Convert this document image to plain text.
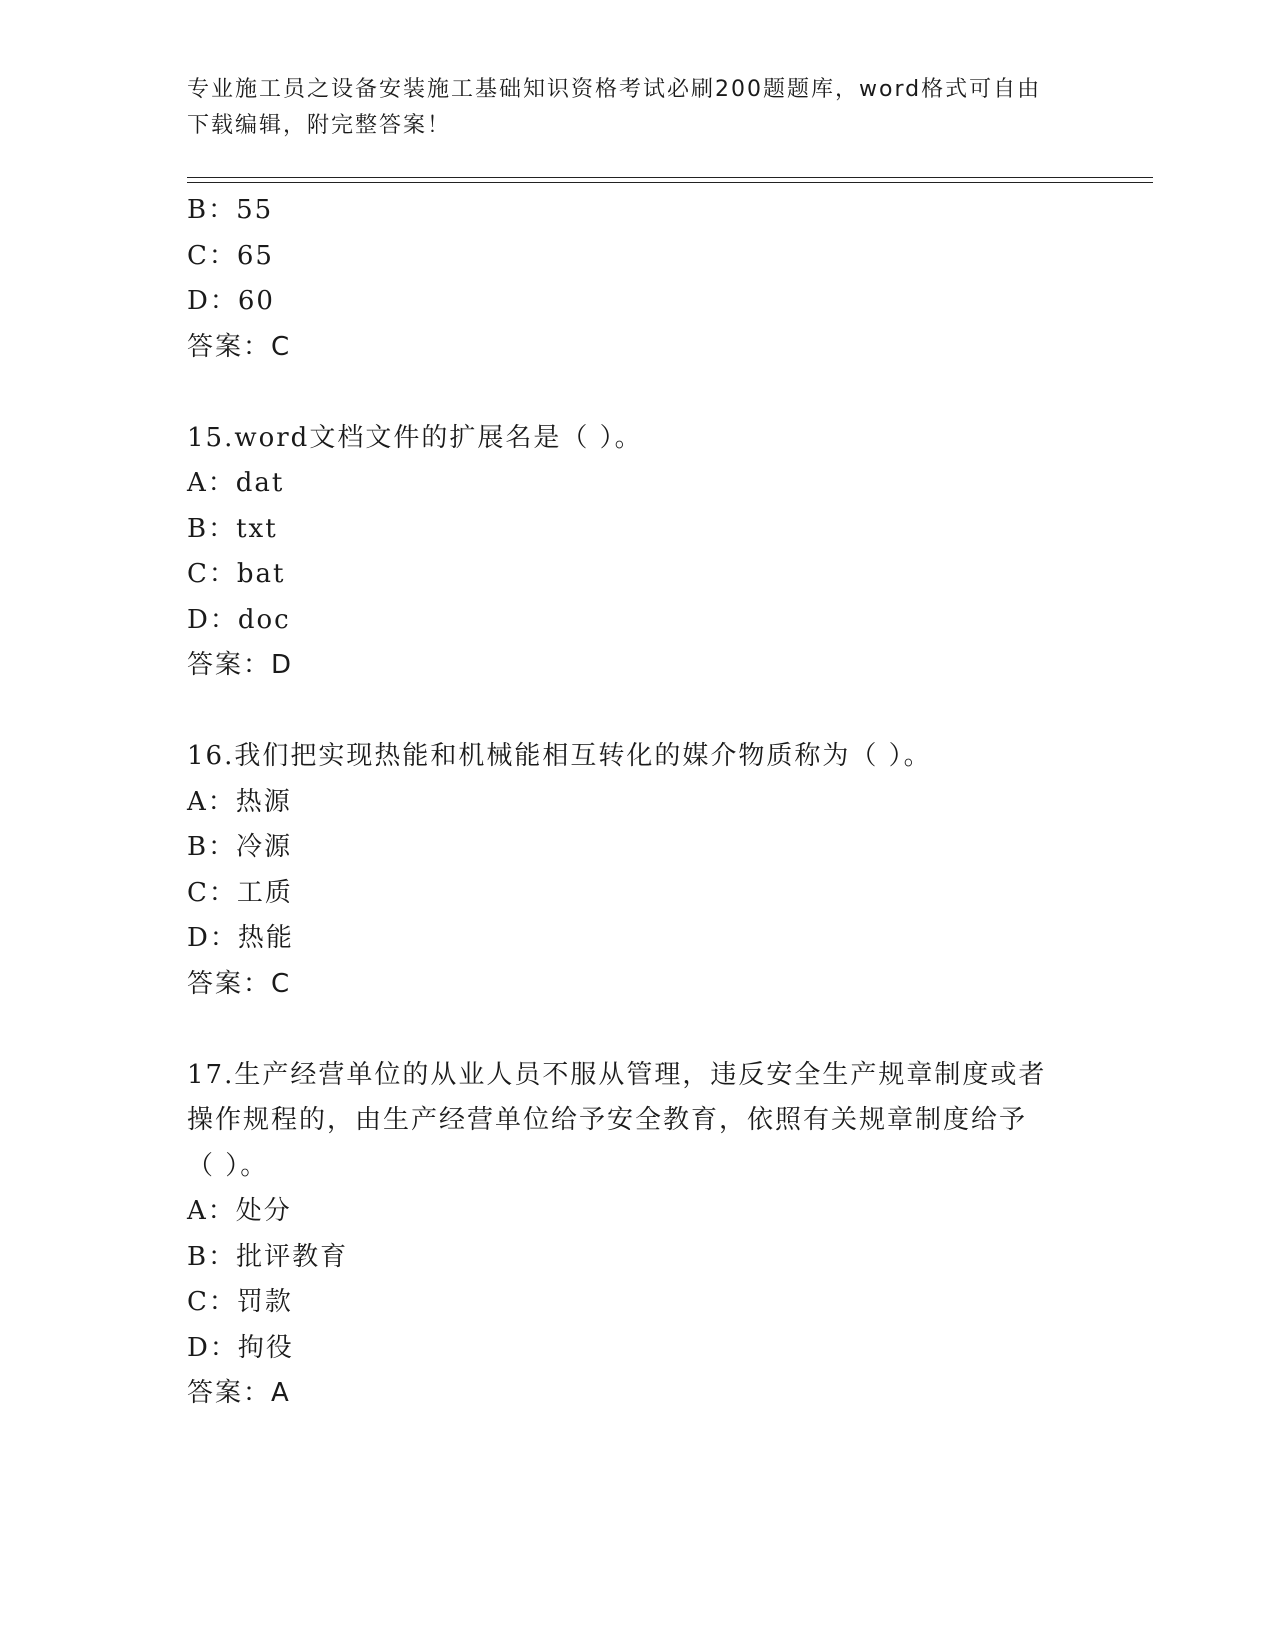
专业施工员之设备安装施工基础知识资格考试必刷200题题库，word格式可自由
下载编辑，附完整答案！
B：55
C：65
D：60
答案：C
15.word文档文件的扩展名是（ ）。
A：dat
B：txt
C：bat
D：doc
答案：D
16.我们把实现热能和机械能相互转化的媒介物质称为（ ）。
A：热源
B：冷源
C：工质
D：热能
答案：C
17.生产经营单位的从业人员不服从管理，违反安全生产规章制度或者
操作规程的，由生产经营单位给予安全教育，依照有关规章制度给予
（ ）。
A：处分
B：批评教育
C：罚款
D：拘役
答案：A
